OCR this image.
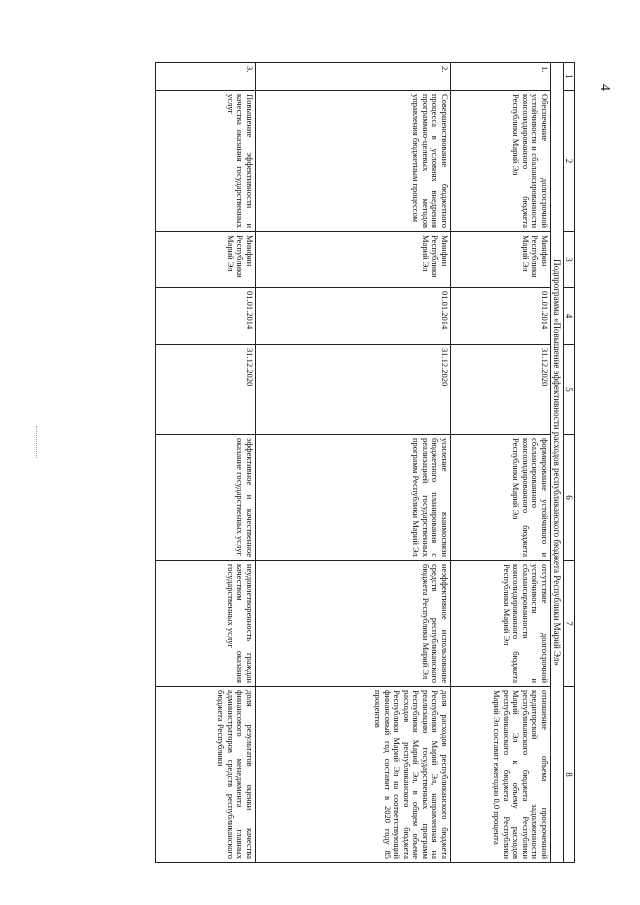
4
1	2	3	4	5	6	7	8
Подпрограмма «Повышение эффективности расходов республиканского бюджета Республики Марий Эл»							
1.	Обеспечение долгосрочной устойчивости и сбалансированности консолидированного бюджета Республики Марий Эл	Минфин Республики Марий Эл	01.01.2014	31.12.2020	формирование устойчивого и сбалансированного консолидированного бюджета Республики Марий Эл	отсутствие долгосрочной устойчивости и сбалансированности консолидированного бюджета Республики Марий Эл	отношение объема просроченной кредиторской задолженности республиканского бюджета Республики Марий Эл к объему расходов республиканского бюджета Республики Марий Эл составит ежегодно 0,0 процента
2.	Совершенствование бюджетного процесса в условиях внедрения программно-целевых методов управления бюджетным процессом	Минфин Республики Марий Эл	01.01.2014	31.12.2020	усиление взаимосвязи бюджетного планирования с реализацией государственных программ Республики Марий Эл	неэффективное использование средств республиканского бюджета Республики Марий Эл	доля расходов республиканского бюджета Республики Марий Эл, направленная на реализацию государственных программ Республики Марий Эл, в общем объеме расходов республиканского бюджета Республики Марий Эл на соответствующий финансовый год составит в 2020 году 85 процентов
3.	Повышение эффективности и качества оказания государственных услуг	Минфин Республики Марий Эл	01.01.2014	31.12.2020	эффективное и качественное оказание государственных услуг	неудовлетворенность граждан качеством оказания государственных услуг	доля результатов оценки качества финансового менеджмента главных администраторов средств республиканского бюджета Республики
